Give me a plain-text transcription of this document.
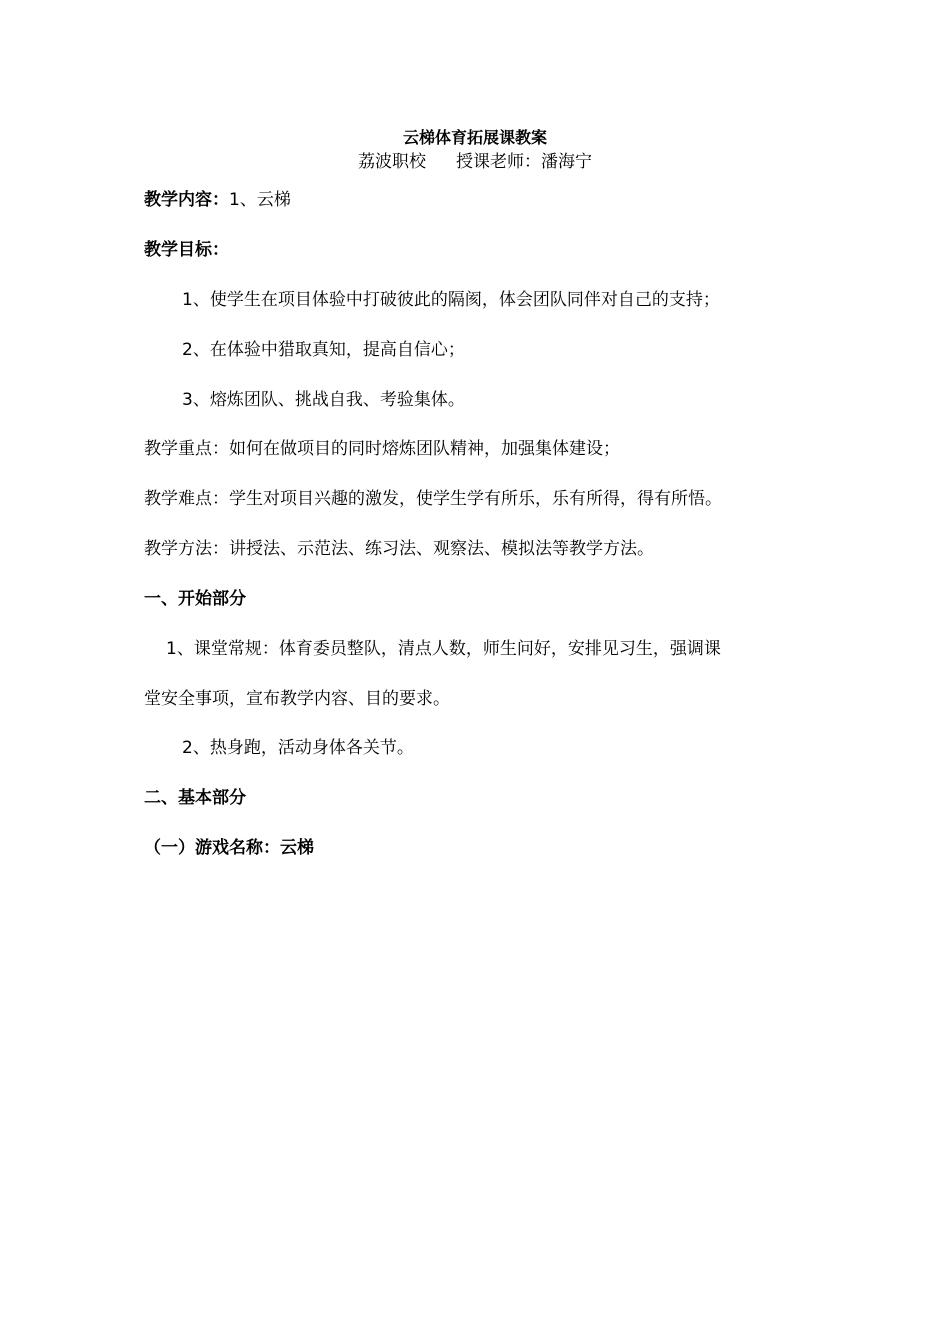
云梯体育拓展课教案
荔波职校 授课老师：潘海宁
教学内容：1、云梯
教学目标：
1、使学生在项目体验中打破彼此的隔阂，体会团队同伴对自己的支持；
2、在体验中猎取真知，提高自信心；
3、熔炼团队、挑战自我、考验集体。
教学重点：如何在做项目的同时熔炼团队精神，加强集体建设；
教学难点：学生对项目兴趣的激发，使学生学有所乐，乐有所得，得有所悟。
教学方法：讲授法、示范法、练习法、观察法、模拟法等教学方法。
一、开始部分
1、课堂常规：体育委员整队，清点人数，师生问好，安排见习生，强调课
堂安全事项，宣布教学内容、目的要求。
2、热身跑，活动身体各关节。
二、基本部分
（一）游戏名称：云梯
